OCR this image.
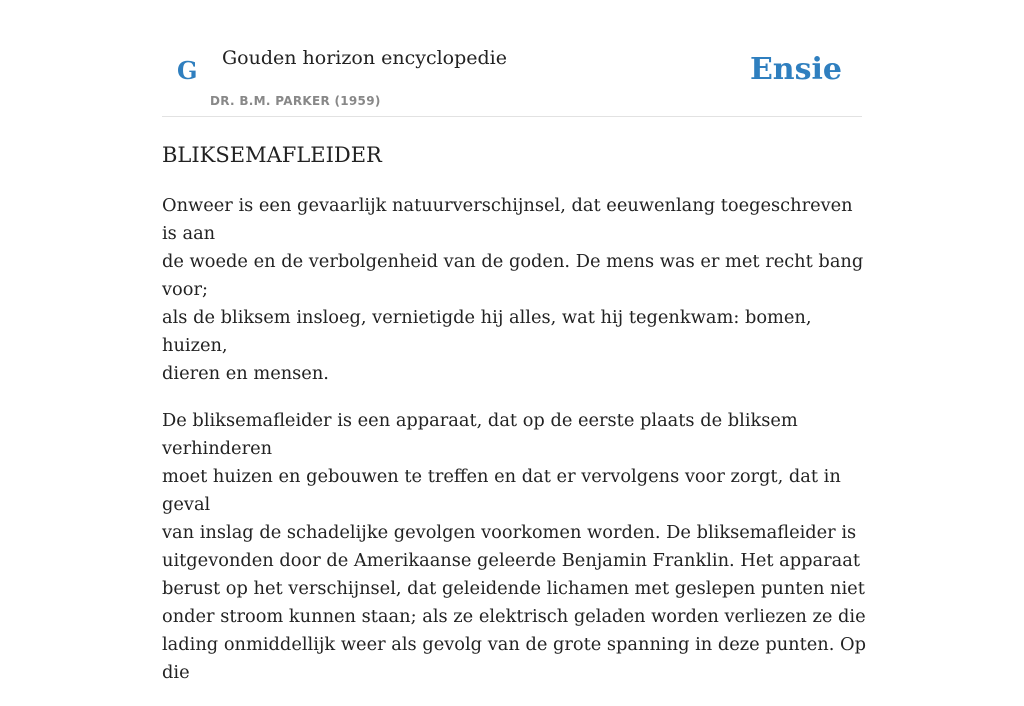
G Gouden horizon encyclopedie
DR. B.M. PARKER (1959)
Ensie
BLIKSEMAFLEIDER

Onweer is een gevaarlijk natuurverschijnsel, dat eeuwenlang toegeschreven is aan
de woede en de verbolgenheid van de goden. De mens was er met recht bang voor;
als de bliksem insloeg, vernietigde hij alles, wat hij tegenkwam: bomen, huizen,
dieren en mensen.

De bliksemafleider is een apparaat, dat op de eerste plaats de bliksem verhinderen
moet huizen en gebouwen te treffen en dat er vervolgens voor zorgt, dat in geval
van inslag de schadelijke gevolgen voorkomen worden. De bliksemafleider is
uitgevonden door de Amerikaanse geleerde Benjamin Franklin. Het apparaat
berust op het verschijnsel, dat geleidende lichamen met geslepen punten niet
onder stroom kunnen staan; als ze elektrisch geladen worden verliezen ze die
lading onmiddellijk weer als gevolg van de grote spanning in deze punten. Op die
